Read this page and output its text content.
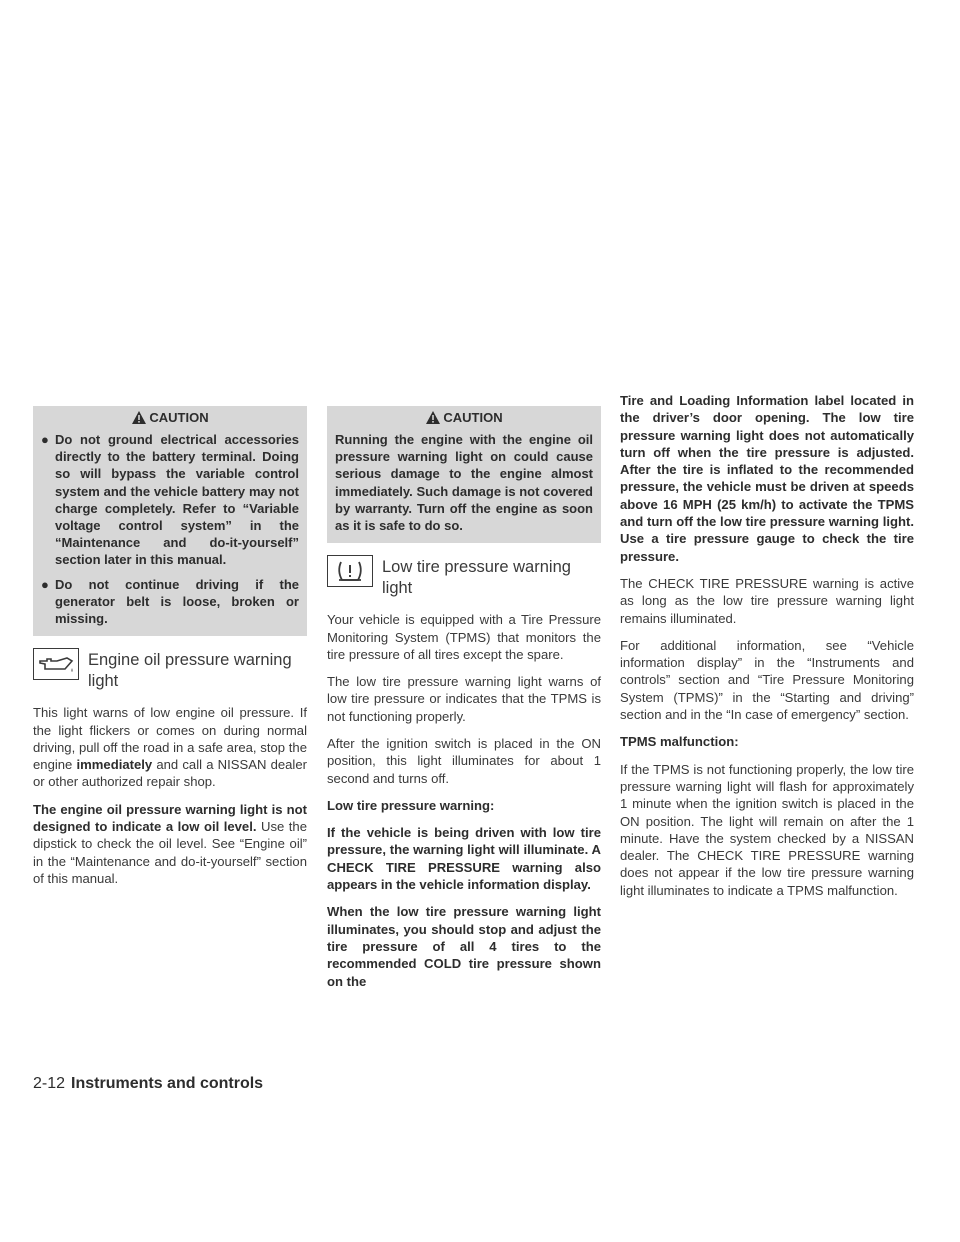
CAUTION
● Do not ground electrical accessories directly to the battery terminal. Doing so will bypass the variable control system and the vehicle battery may not charge completely. Refer to “Variable voltage control system” in the “Maintenance and do-it-yourself” section later in this manual.
● Do not continue driving if the generator belt is loose, broken or missing.
Engine oil pressure warning light

This light warns of low engine oil pressure. If the light flickers or comes on during normal driving, pull off the road in a safe area, stop the engine immediately and call a NISSAN dealer or other authorized repair shop.

The engine oil pressure warning light is not designed to indicate a low oil level. Use the dipstick to check the oil level. See “Engine oil” in the “Maintenance and do-it-yourself” section of this manual.

CAUTION
Running the engine with the engine oil pressure warning light on could cause serious damage to the engine almost immediately. Such damage is not covered by warranty. Turn off the engine as soon as it is safe to do so.
Low tire pressure warning light

Your vehicle is equipped with a Tire Pressure Monitoring System (TPMS) that monitors the tire pressure of all tires except the spare.

The low tire pressure warning light warns of low tire pressure or indicates that the TPMS is not functioning properly.

After the ignition switch is placed in the ON position, this light illuminates for about 1 second and turns off.

Low tire pressure warning:

If the vehicle is being driven with low tire pressure, the warning light will illuminate. A CHECK TIRE PRESSURE warning also appears in the vehicle information display.

When the low tire pressure warning light illuminates, you should stop and adjust the tire pressure of all 4 tires to the recommended COLD tire pressure shown on the

Tire and Loading Information label located in the driver’s door opening. The low tire pressure warning light does not automatically turn off when the tire pressure is adjusted. After the tire is inflated to the recommended pressure, the vehicle must be driven at speeds above 16 MPH (25 km/h) to activate the TPMS and turn off the low tire pressure warning light. Use a tire pressure gauge to check the tire pressure.

The CHECK TIRE PRESSURE warning is active as long as the low tire pressure warning light remains illuminated.

For additional information, see “Vehicle information display” in the “Instruments and controls” section and “Tire Pressure Monitoring System (TPMS)” in the “Starting and driving” section and in the “In case of emergency” section.

TPMS malfunction:

If the TPMS is not functioning properly, the low tire pressure warning light will flash for approximately 1 minute when the ignition switch is placed in the ON position. The light will remain on after the 1 minute. Have the system checked by a NISSAN dealer. The CHECK TIRE PRESSURE warning does not appear if the low tire pressure warning light illuminates to indicate a TPMS malfunction.

2-12 Instruments and controls
